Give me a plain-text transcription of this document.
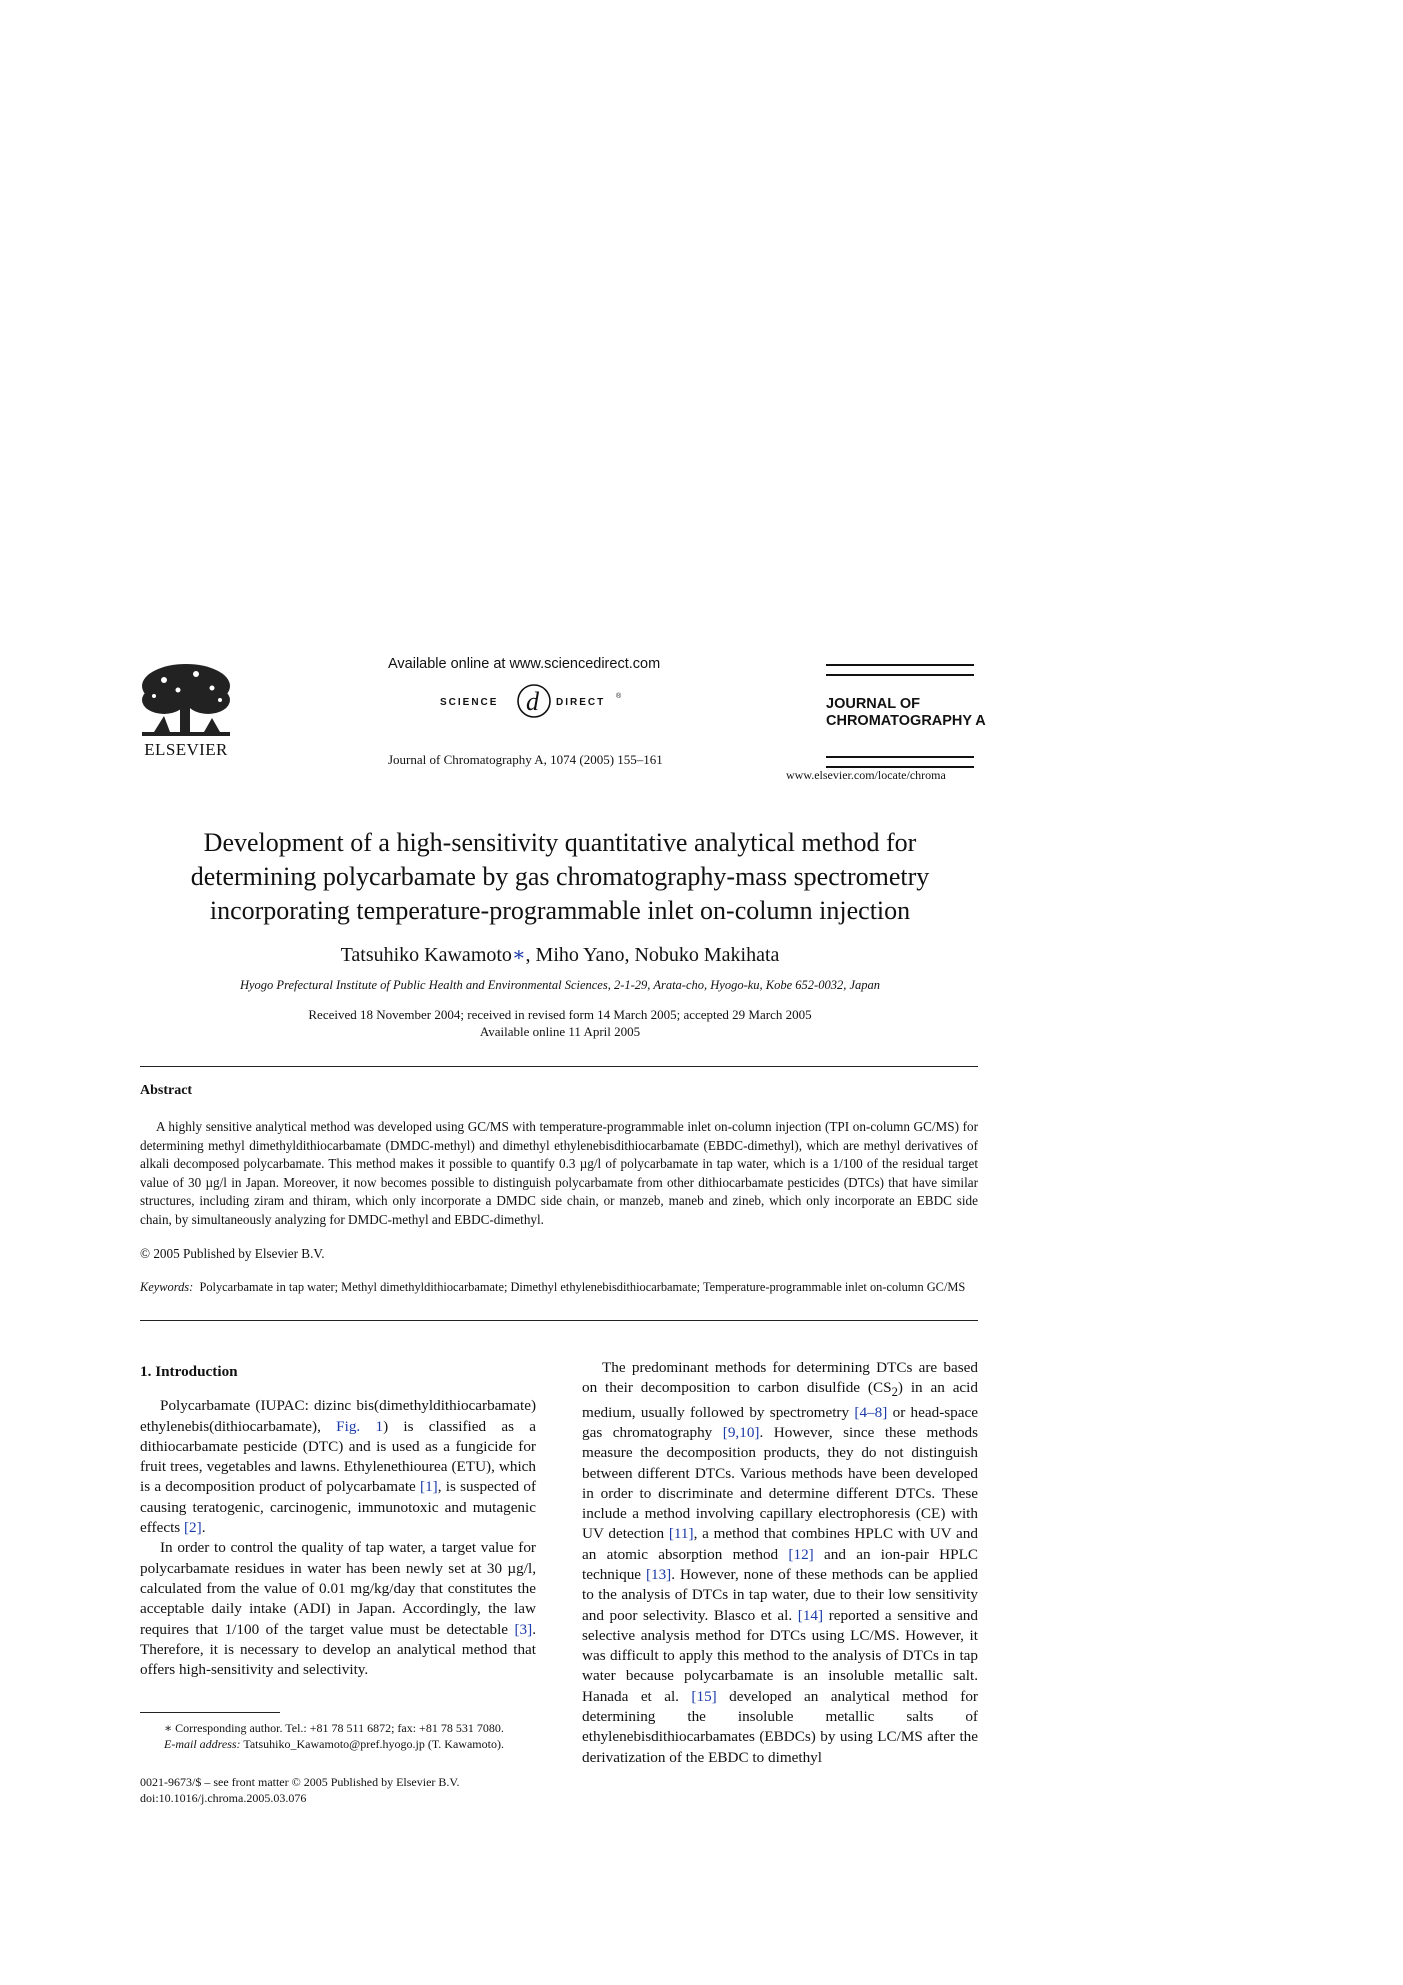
ELSEVIER
Available online at www.sciencedirect.com
SCIENCE d DIRECT
®
Journal of Chromatography A, 1074 (2005) 155–161
JOURNAL OF
CHROMATOGRAPHY A
www.elsevier.com/locate/chroma
Development of a high-sensitivity quantitative analytical method for
determining polycarbamate by gas chromatography-mass spectrometry
incorporating temperature-programmable inlet on-column injection
Tatsuhiko Kawamoto∗, Miho Yano, Nobuko Makihata
Hyogo Prefectural Institute of Public Health and Environmental Sciences, 2-1-29, Arata-cho, Hyogo-ku, Kobe 652-0032, Japan
Received 18 November 2004; received in revised form 14 March 2005; accepted 29 March 2005
Available online 11 April 2005
Abstract
A highly sensitive analytical method was developed using GC/MS with temperature-programmable inlet on-column injection (TPI on-column GC/MS) for determining methyl dimethyldithiocarbamate (DMDC-methyl) and dimethyl ethylenebisdithiocarbamate (EBDC-dimethyl), which are methyl derivatives of alkali decomposed polycarbamate. This method makes it possible to quantify 0.3 µg/l of polycarbamate in tap water, which is a 1/100 of the residual target value of 30 µg/l in Japan. Moreover, it now becomes possible to distinguish polycarbamate from other dithiocarbamate pesticides (DTCs) that have similar structures, including ziram and thiram, which only incorporate a DMDC side chain, or manzeb, maneb and zineb, which only incorporate an EBDC side chain, by simultaneously analyzing for DMDC-methyl and EBDC-dimethyl.
© 2005 Published by Elsevier B.V.
Keywords: Polycarbamate in tap water; Methyl dimethyldithiocarbamate; Dimethyl ethylenebisdithiocarbamate; Temperature-programmable inlet on-column GC/MS

1. Introduction

Polycarbamate (IUPAC: dizinc bis(dimethyldithiocarbamate) ethylenebis(dithiocarbamate), Fig. 1) is classified as a dithiocarbamate pesticide (DTC) and is used as a fungicide for fruit trees, vegetables and lawns. Ethylenethiourea (ETU), which is a decomposition product of polycarbamate [1], is suspected of causing teratogenic, carcinogenic, immunotoxic and mutagenic effects [2].

In order to control the quality of tap water, a target value for polycarbamate residues in water has been newly set at 30 µg/l, calculated from the value of 0.01 mg/kg/day that constitutes the acceptable daily intake (ADI) in Japan. Accordingly, the law requires that 1/100 of the target value must be detectable [3]. Therefore, it is necessary to develop an analytical method that offers high-sensitivity and selectivity.

The predominant methods for determining DTCs are based on their decomposition to carbon disulfide $(CS_2)$ in an acid medium, usually followed by spectrometry [4–8] or head-space gas chromatography [9,10]. However, since these methods measure the decomposition products, they do not distinguish between different DTCs. Various methods have been developed in order to discriminate and determine different DTCs. These include a method involving capillary electrophoresis (CE) with UV detection [11], a method that combines HPLC with UV and an atomic absorption method [12] and an ion-pair HPLC technique [13]. However, none of these methods can be applied to the analysis of DTCs in tap water, due to their low sensitivity and poor selectivity. Blasco et al. [14] reported a sensitive and selective analysis method for DTCs using LC/MS. However, it was difficult to apply this method to the analysis of DTCs in tap water because polycarbamate is an insoluble metallic salt. Hanada et al. [15] developed an analytical method for determining the insoluble metallic salts of ethylenebisdithiocarbamates (EBDCs) by using LC/MS after the derivatization of the EBDC to dimethyl

∗ Corresponding author. Tel.: +81 78 511 6872; fax: +81 78 531 7080.
E-mail address: Tatsuhiko_Kawamoto@pref.hyogo.jp (T. Kawamoto).
0021-9673/$ – see front matter © 2005 Published by Elsevier B.V.
doi:10.1016/j.chroma.2005.03.076
